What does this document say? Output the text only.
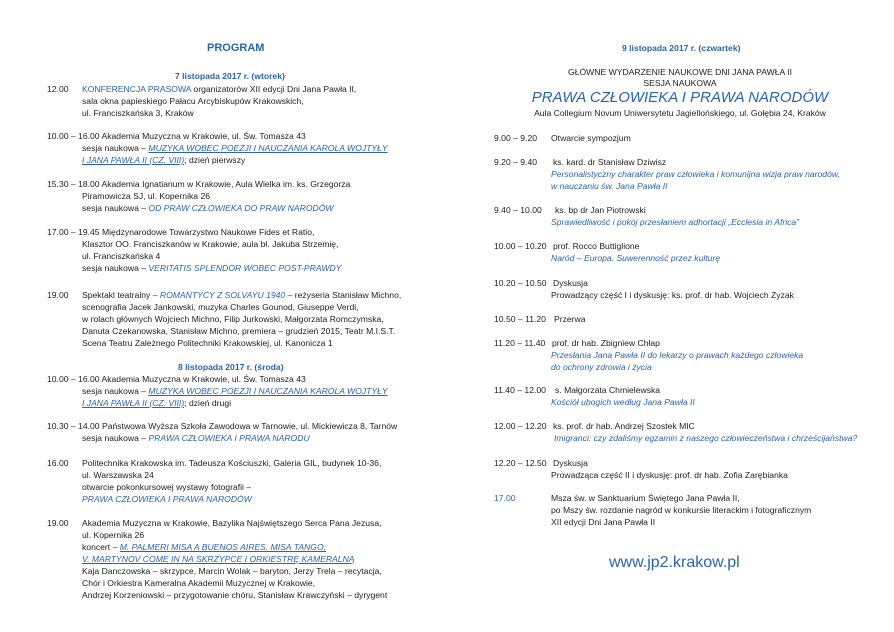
PROGRAM
7 listopada 2017 r. (wtorek)
12.00 KONFERENCJA PRASOWA organizatorów XII edycji Dni Jana Pawła II,
sala okna papieskiego Pałacu Arcybiskupów Krakowskich,
ul. Franciszkańska 3, Kraków
10.00 – 16.00 Akademia Muzyczna w Krakowie, ul. Św. Tomasza 43
sesja naukowa – MUZYKA WOBEC POEZJI I NAUCZANIA KAROLA WOJTYŁY
I JANA PAWŁA II (CZ. VIII); dzień pierwszy
15.30 – 18.00 Akademia Ignatianum w Krakowie, Aula Wielka im. ks. Grzegorza
Piramowicza SJ, ul. Kopernika 26
sesja naukowa – OD PRAW CZŁOWIEKA DO PRAW NARODÓW
17.00 – 19.45 Międzynarodowe Towarzystwo Naukowe Fides et Ratio,
Klasztor OO. Franciszkanów w Krakowie, aula bł. Jakuba Strzemię,
ul. Franciszkańska 4
sesja naukowa – VERITATIS SPLENDOR WOBEC POST-PRAWDY
19.00 Spektakl teatralny – ROMANTYCY Z SOLVAYU 1940 – reżyseria Stanisław Michno,
scenografia Jacek Jankowski, muzyka Charles Gounod, Giuseppe Verdi,
w rolach głównych Wojciech Michno, Filip Jurkowski, Małgorzata Romczymska,
Danuta Czekanowska, Stanisław Michno, premiera – grudzień 2015, Teatr M.I.S.T.
Scena Teatru Zależnego Politechniki Krakowskiej, ul. Kanonicza 1
8 listopada 2017 r. (środa)
10.00 – 16.00 Akademia Muzyczna w Krakowie, ul. Św. Tomasza 43
sesja naukowa – MUZYKA WOBEC POEZJI I NAUCZANIA KAROLA WOJTYŁY
I JANA PAWŁA II (CZ. VIII); dzień drugi
10.30 – 14.00 Państwowa Wyższa Szkoła Zawodowa w Tarnowie, ul. Mickiewicza 8, Tarnów
sesja naukowa – PRAWA CZŁOWIEKA I PRAWA NARODU
16.00 Politechnika Krakowska im. Tadeusza Kościuszki, Galeria GIL, budynek 10-36,
ul. Warszawska 24
otwarcie pokonkursowej wystawy fotografii –
PRAWA CZŁOWIEKA I PRAWA NARODÓW
19.00 Akademia Muzyczna w Krakowie, Bazylika Najświętszego Serca Pana Jezusa,
ul. Kopernika 26
koncert – M. PALMERI MISA A BUENOS AIRES. MISA TANGO;
V. MARTYNOV COME IN NA SKRZYPCE I ORKIESTRĘ KAMERALNĄ
Kaja Danczowska – skrzypce, Marcin Wolak – baryton, Jerzy Trela – recytacja,
Chór i Orkiestra Kameralna Akademii Muzycznej w Krakowie,
Andrzej Korzeniowski – przygotowanie chóru, Stanisław Krawczyński – dyrygent
9 listopada 2017 r. (czwartek)
GŁÓWNE WYDARZENIE NAUKOWE DNI JANA PAWŁA II
SESJA NAUKOWA
PRAWA CZŁOWIEKA I PRAWA NARODÓW
Aula Collegium Novum Uniwersytetu Jagiellońskiego, ul. Gołębia 24, Kraków
9.00 – 9.20 Otwarcie sympozjum
9.20 – 9.40 ks. kard. dr Stanisław Dziwisz
Personalistyczny charakter praw człowieka i komunijna wizja praw narodów,
w nauczaniu św. Jana Pawła II
9.40 – 10.00 ks. bp dr Jan Piotrowski
Sprawiedliwość i pokój przesłaniem adhortacji „Ecclesia in Africa”
10.00 – 10.20 prof. Rocco Buttiglione
Naród – Europa. Suwerenność przez kulturę
10.20 – 10.50 Dyskusja
Prowadzący część I i dyskusję: ks. prof. dr hab. Wojciech Zyzak
10.50 – 11.20 Przerwa
11.20 – 11.40 prof. dr hab. Zbigniew Chłap
Przesłania Jana Pawła II do lekarzy o prawach każdego człowieka
do ochrony zdrowia i życia
11.40 – 12.00 s. Małgorzata Chmielewska
Kościół ubogich według Jana Pawła II
12.00 – 12.20 ks. prof. dr hab. Andrzej Szostek MIC
Imigranci: czy zdaliśmy egzamin z naszego człowieczeństwa i chrześcijaństwa?
12.20 – 12.50 Dyskusja
Prowadząca część II i dyskusję: prof. dr hab. Zofia Zarębianka
17.00	Msza św. w Sanktuarium Świętego Jana Pawła II,
po Mszy św. rozdanie nagród w konkursie literackim i fotograficznym
XII edycji Dni Jana Pawła II
www.jp2.krakow.pl
